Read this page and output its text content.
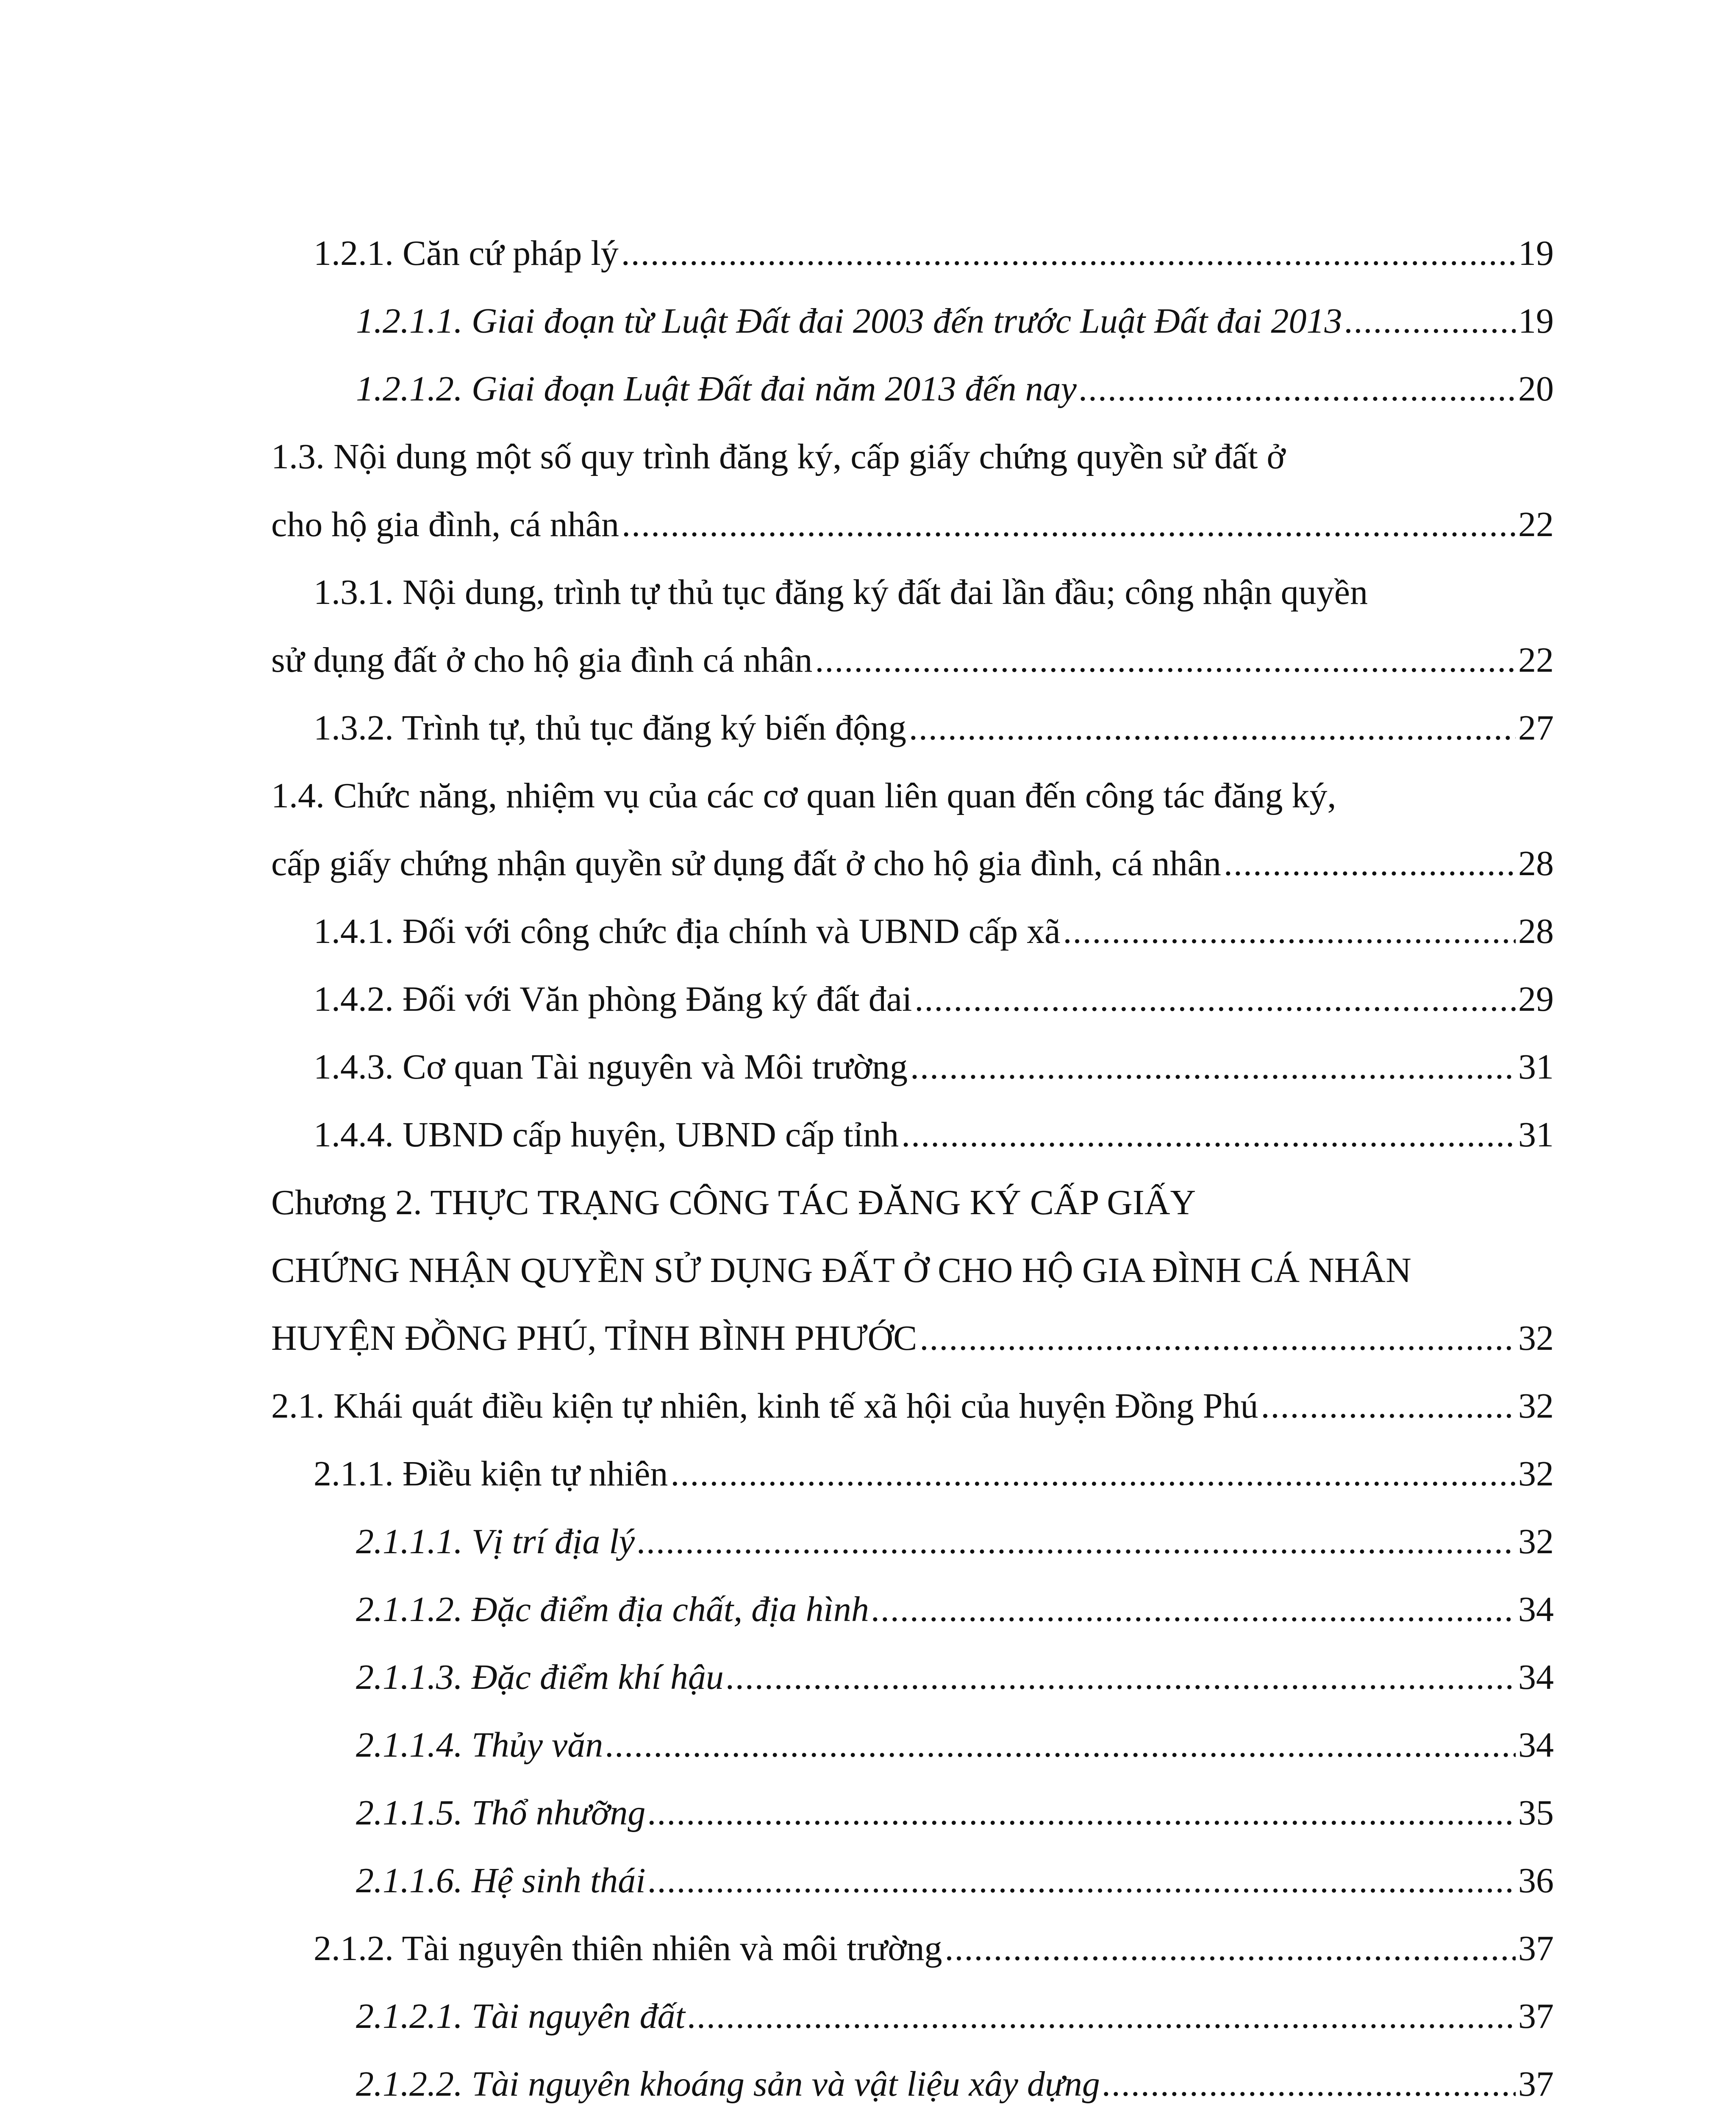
1.2.1. Căn cứ pháp lý .....	19
1.2.1.1. Giai đoạn từ Luật Đất đai 2003 đến trước Luật Đất đai 2013 .....	19
1.2.1.2. Giai đoạn Luật Đất đai năm 2013 đến nay .....	20
1.3. Nội dung một số quy trình đăng ký, cấp giấy chứng quyền sử đất ở
cho hộ gia đình, cá nhân .....	22
1.3.1. Nội dung, trình tự thủ tục đăng ký đất đai lần đầu; công nhận quyền
sử dụng đất ở cho hộ gia đình cá nhân .....	22
1.3.2. Trình tự, thủ tục đăng ký biến động .....	27
1.4. Chức năng, nhiệm vụ của các cơ quan liên quan đến công tác đăng ký,
cấp giấy chứng nhận quyền sử dụng đất ở cho hộ gia đình, cá nhân .....	28
1.4.1. Đối với công chức địa chính và UBND cấp xã .....	28
1.4.2. Đối với Văn phòng Đăng ký đất đai .....	29
1.4.3. Cơ quan Tài nguyên và Môi trường .....	31
1.4.4. UBND cấp huyện, UBND cấp tỉnh .....	31
Chương 2. THỰC TRẠNG CÔNG TÁC ĐĂNG KÝ CẤP GIẤY
CHỨNG NHẬN QUYỀN SỬ DỤNG ĐẤT Ở CHO HỘ GIA ĐÌNH CÁ NHÂN
HUYỆN ĐỒNG PHÚ, TỈNH BÌNH PHƯỚC .....	32
2.1. Khái quát điều kiện tự nhiên, kinh tế xã hội của huyện Đồng Phú .....	32
2.1.1. Điều kiện tự nhiên .....	32
2.1.1.1. Vị trí địa lý .....	32
2.1.1.2. Đặc điểm địa chất, địa hình .....	34
2.1.1.3. Đặc điểm khí hậu .....	34
2.1.1.4. Thủy văn .....	34
2.1.1.5. Thổ nhưỡng .....	35
2.1.1.6. Hệ sinh thái .....	36
2.1.2. Tài nguyên thiên nhiên và môi trường .....	37
2.1.2.1. Tài nguyên đất .....	37
2.1.2.2. Tài nguyên khoáng sản và vật liệu xây dựng .....	37
